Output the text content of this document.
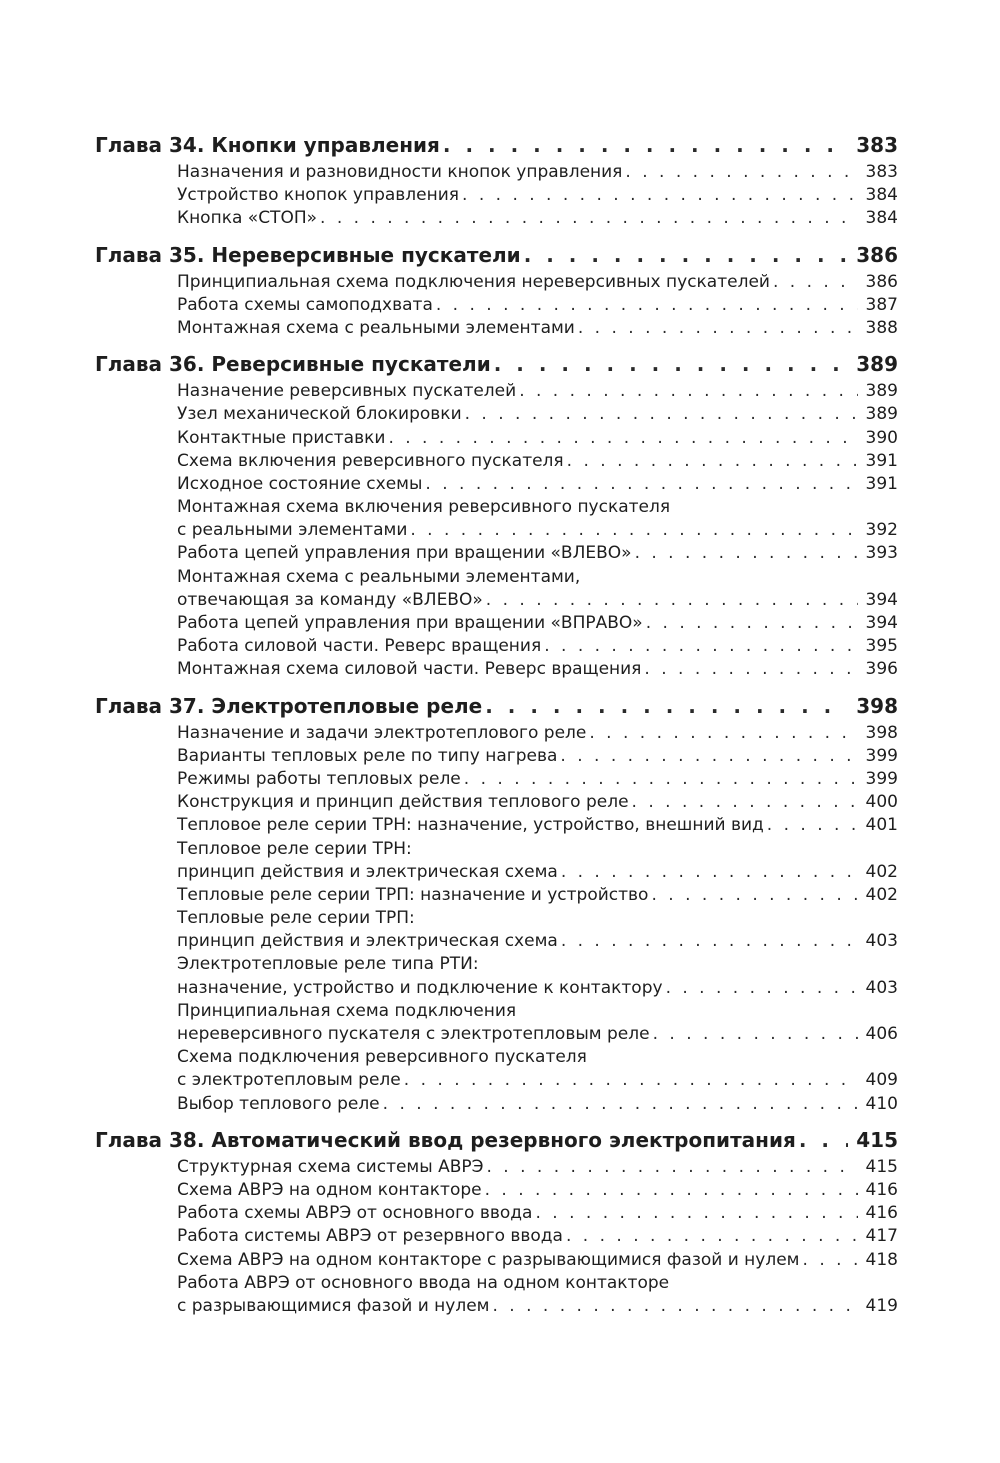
Глава 34. Кнопки управления . . .	383
Назначения и разновидности кнопок управления . . .	383
Устройство кнопок управления . . .	384
Кнопка «СТОП» . . .	384
Глава 35. Нереверсивные пускатели . . .	386
Принципиальная схема подключения нереверсивных пускателей . . .	386
Работа схемы самоподхвата . . .	387
Монтажная схема с реальными элементами . . .	388
Глава 36. Реверсивные пускатели . . .	389
Назначение реверсивных пускателей . . .	389
Узел механической блокировки . . .	389
Контактные приставки . . .	390
Схема включения реверсивного пускателя . . .	391
Исходное состояние схемы . . .	391
Монтажная схема включения реверсивного пускателя
с реальными элементами . . .	392
Работа цепей управления при вращении «ВЛЕВО» . . .	393
Монтажная схема с реальными элементами,
отвечающая за команду «ВЛЕВО» . . .	394
Работа цепей управления при вращении «ВПРАВО» . . .	394
Работа силовой части. Реверс вращения . . .	395
Монтажная схема силовой части. Реверс вращения . . .	396
Глава 37. Электротепловые реле . . .	398
Назначение и задачи электротеплового реле . . .	398
Варианты тепловых реле по типу нагрева . . .	399
Режимы работы тепловых реле . . .	399
Конструкция и принцип действия теплового реле . . .	400
Тепловое реле серии ТРН: назначение, устройство, внешний вид . . .	401
Тепловое реле серии ТРН:
принцип действия и электрическая схема . . .	402
Тепловые реле серии ТРП: назначение и устройство . . .	402
Тепловые реле серии ТРП:
принцип действия и электрическая схема . . .	403
Электротепловые реле типа РТИ:
назначение, устройство и подключение к контактору . . .	403
Принципиальная схема подключения
нереверсивного пускателя с электротепловым реле . . .	406
Схема подключения реверсивного пускателя
с электротепловым реле . . .	409
Выбор теплового реле . . .	410
Глава 38. Автоматический ввод резервного электропитания . . .	415
Структурная схема системы АВРЭ . . .	415
Схема АВРЭ на одном контакторе . . .	416
Работа схемы АВРЭ от основного ввода . . .	416
Работа системы АВРЭ от резервного ввода . . .	417
Схема АВРЭ на одном контакторе с разрывающимися фазой и нулем . . .	418
Работа АВРЭ от основного ввода на одном контакторе
с разрывающимися фазой и нулем . . .	419
